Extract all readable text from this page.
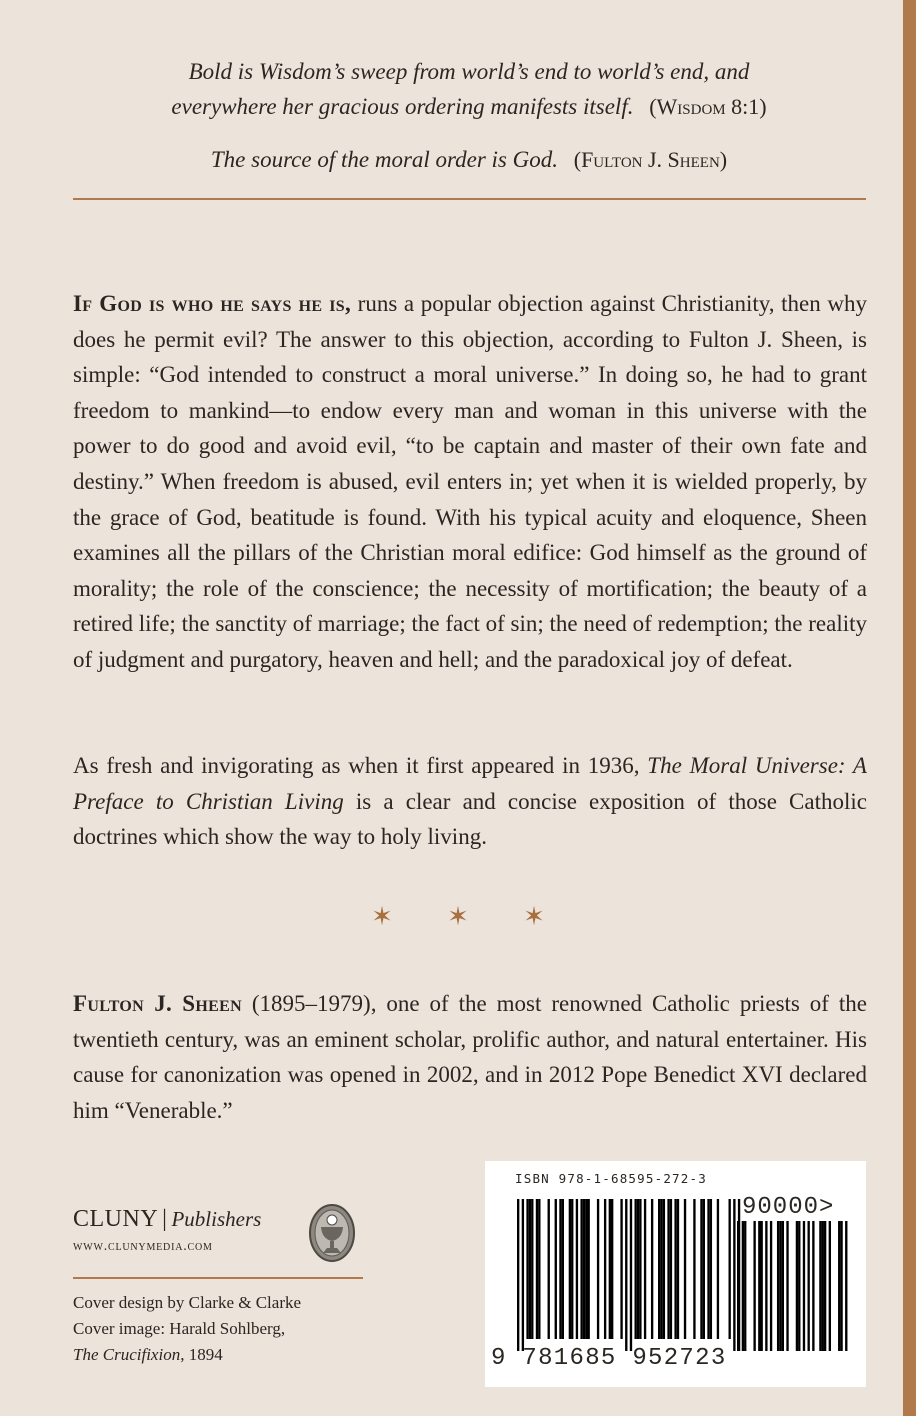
Bold is Wisdom’s sweep from world’s end to world’s end, and
everywhere her gracious ordering manifests itself. (Wisdom 8:1)
The source of the moral order is God. (Fulton J. Sheen)
If God is who he says he is, runs a popular objection against Christianity, then why does he permit evil? The answer to this objection, according to Fulton J. Sheen, is simple: “God intended to construct a moral universe.” In doing so, he had to grant freedom to mankind—to endow every man and woman in this universe with the power to do good and avoid evil, “to be captain and master of their own fate and destiny.” When freedom is abused, evil enters in; yet when it is wielded properly, by the grace of God, beatitude is found. With his typical acuity and eloquence, Sheen examines all the pillars of the Christian moral edifice: God himself as the ground of morality; the role of the conscience; the necessity of mortification; the beauty of a retired life; the sanctity of marriage; the fact of sin; the need of redemption; the reality of judgment and purgatory, heaven and hell; and the paradoxical joy of defeat.
As fresh and invigorating as when it first appeared in 1936, The Moral Universe: A Preface to Christian Living is a clear and concise exposition of those Catholic doctrines which show the way to holy living.
✶ ✶ ✶
Fulton J. Sheen (1895–1979), one of the most renowned Catholic priests of the twentieth century, was an eminent scholar, prolific author, and natural entertainer. His cause for canonization was opened in 2002, and in 2012 Pope Benedict XVI declared him “Venerable.”
CLUNY | Publishers
www.clunymedia.com
Cover design by Clarke & Clarke
Cover image: Harald Sohlberg,
The Crucifixion, 1894
ISBN 978-1-68595-272-3
90000>
9 781685 952723
